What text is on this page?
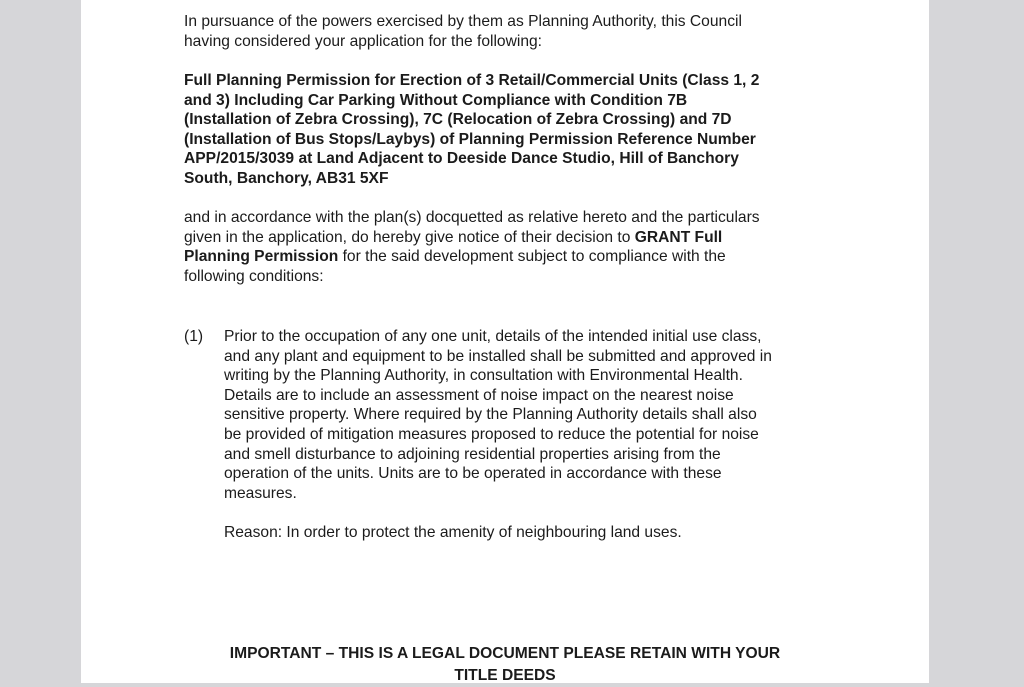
In pursuance of the powers exercised by them as Planning Authority, this Council
having considered your application for the following:

Full Planning Permission for Erection of 3 Retail/Commercial Units (Class 1, 2
and 3) Including Car Parking Without Compliance with Condition 7B
(Installation of Zebra Crossing), 7C (Relocation of Zebra Crossing) and 7D
(Installation of Bus Stops/Laybys) of Planning Permission Reference Number
APP/2015/3039 at Land Adjacent to Deeside Dance Studio, Hill of Banchory
South, Banchory, AB31 5XF

and in accordance with the plan(s) docquetted as relative hereto and the particulars
given in the application, do hereby give notice of their decision to GRANT Full
Planning Permission for the said development subject to compliance with the
following conditions:

(1) Prior to the occupation of any one unit, details of the intended initial use class,
and any plant and equipment to be installed shall be submitted and approved in
writing by the Planning Authority, in consultation with Environmental Health.
Details are to include an assessment of noise impact on the nearest noise
sensitive property. Where required by the Planning Authority details shall also
be provided of mitigation measures proposed to reduce the potential for noise
and smell disturbance to adjoining residential properties arising from the
operation of the units. Units are to be operated in accordance with these
measures.

Reason: In order to protect the amenity of neighbouring land uses.

IMPORTANT – THIS IS A LEGAL DOCUMENT PLEASE RETAIN WITH YOUR
TITLE DEEDS
